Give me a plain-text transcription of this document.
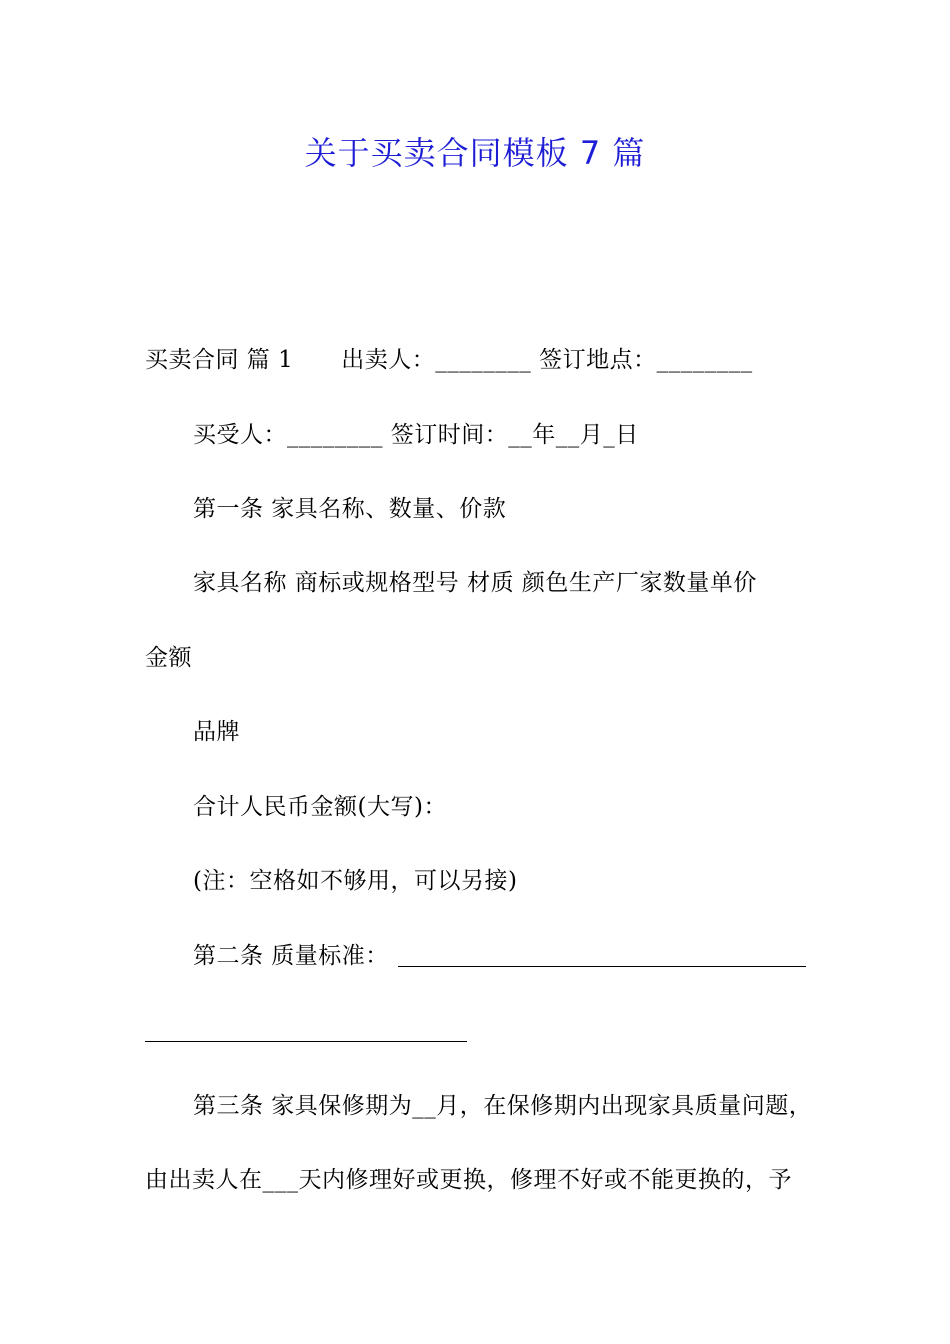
关于买卖合同模板 7 篇
买卖合同 篇 1 出卖人：________ 签订地点：________
买受人：________ 签订时间：__年__月_日
第一条 家具名称、数量、价款
家具名称 商标或规格型号 材质 颜色生产厂家数量单价
金额
品牌
合计人民币金额(大写)：
(注：空格如不够用，可以另接)
第二条 质量标准：
第三条 家具保修期为__月，在保修期内出现家具质量问题，
由出卖人在___天内修理好或更换，修理不好或不能更换的，予
